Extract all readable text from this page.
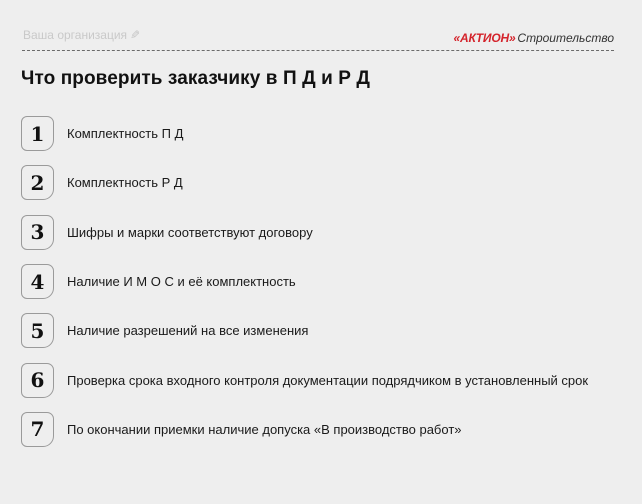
Ваша организация ✎	«АКТИОН» Строительство
Что проверить заказчику в П Д и Р Д
1	Комплектность П Д
2	Комплектность Р Д
3	Шифры и марки соответствуют договору
4	Наличие И М О С и её комплектность
5	Наличие разрешений на все изменения
6	Проверка срока входного контроля документации подрядчиком в установленный срок
7	По окончании приемки наличие допуска «В производство работ»
